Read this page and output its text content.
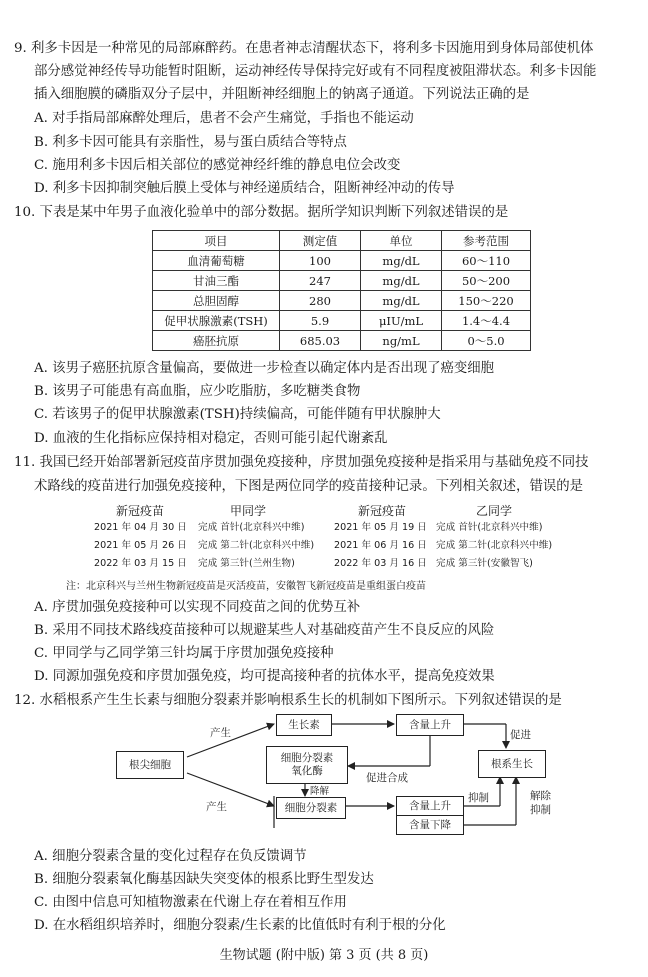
9. 利多卡因是一种常见的局部麻醉药。在患者神志清醒状态下，将利多卡因施用到身体局部使机体
部分感觉神经传导功能暂时阻断，运动神经传导保持完好或有不同程度被阻滞状态。利多卡因能
插入细胞膜的磷脂双分子层中，并阻断神经细胞上的钠离子通道。下列说法正确的是
A. 对手指局部麻醉处理后，患者不会产生痛觉，手指也不能运动
B. 利多卡因可能具有亲脂性，易与蛋白质结合等特点
C. 施用利多卡因后相关部位的感觉神经纤维的静息电位会改变
D. 利多卡因抑制突触后膜上受体与神经递质结合，阻断神经冲动的传导
10. 下表是某中年男子血液化验单中的部分数据。据所学知识判断下列叙述错误的是
项目	测定值	单位	参考范围
血清葡萄糖	100	mg/dL	60～110
甘油三酯	247	mg/dL	50～200
总胆固醇	280	mg/dL	150～220
促甲状腺激素(TSH)	5.9	μIU/mL	1.4～4.4
癌胚抗原	685.03	ng/mL	0～5.0
A. 该男子癌胚抗原含量偏高，要做进一步检查以确定体内是否出现了癌变细胞
B. 该男子可能患有高血脂，应少吃脂肪，多吃糖类食物
C. 若该男子的促甲状腺激素(TSH)持续偏高，可能伴随有甲状腺肿大
D. 血液的生化指标应保持相对稳定，否则可能引起代谢紊乱
11. 我国已经开始部署新冠疫苗序贯加强免疫接种，序贯加强免疫接种是指采用与基础免疫不同技
术路线的疫苗进行加强免疫接种，下图是两位同学的疫苗接种记录。下列相关叙述，错误的是
新冠疫苗	甲同学	新冠疫苗	乙同学
2021 年 04 月 30 日 完成 首针(北京科兴中维)
2021 年 05 月 26 日 完成 第二针(北京科兴中维)
2022 年 03 月 15 日 完成 第三针(兰州生物)
2021 年 05 月 19 日 完成 首针(北京科兴中维)
2021 年 06 月 16 日 完成 第二针(北京科兴中维)
2022 年 03 月 16 日 完成 第三针(安徽智飞)
注：北京科兴与兰州生物新冠疫苗是灭活疫苗，安徽智飞新冠疫苗是重组蛋白疫苗
A. 序贯加强免疫接种可以实现不同疫苗之间的优势互补
B. 采用不同技术路线疫苗接种可以规避某些人对基础疫苗产生不良反应的风险
C. 甲同学与乙同学第三针均属于序贯加强免疫接种
D. 同源加强免疫和序贯加强免疫，均可提高接种者的抗体水平，提高免疫效果
12. 水稻根系产生生长素与细胞分裂素并影响根系生长的机制如下图所示。下列叙述错误的是
根尖细胞
生长素
细胞分裂素
氧化酶
细胞分裂素
含量上升
含量上升
含量下降
根系生长
产生
产生
促进
促进合成
降解
抑制	解除
抑制
A. 细胞分裂素含量的变化过程存在负反馈调节
B. 细胞分裂素氧化酶基因缺失突变体的根系比野生型发达
C. 由图中信息可知植物激素在代谢上存在着相互作用
D. 在水稻组织培养时，细胞分裂素/生长素的比值低时有利于根的分化
生物试题 (附中版) 第 3 页 (共 8 页)
